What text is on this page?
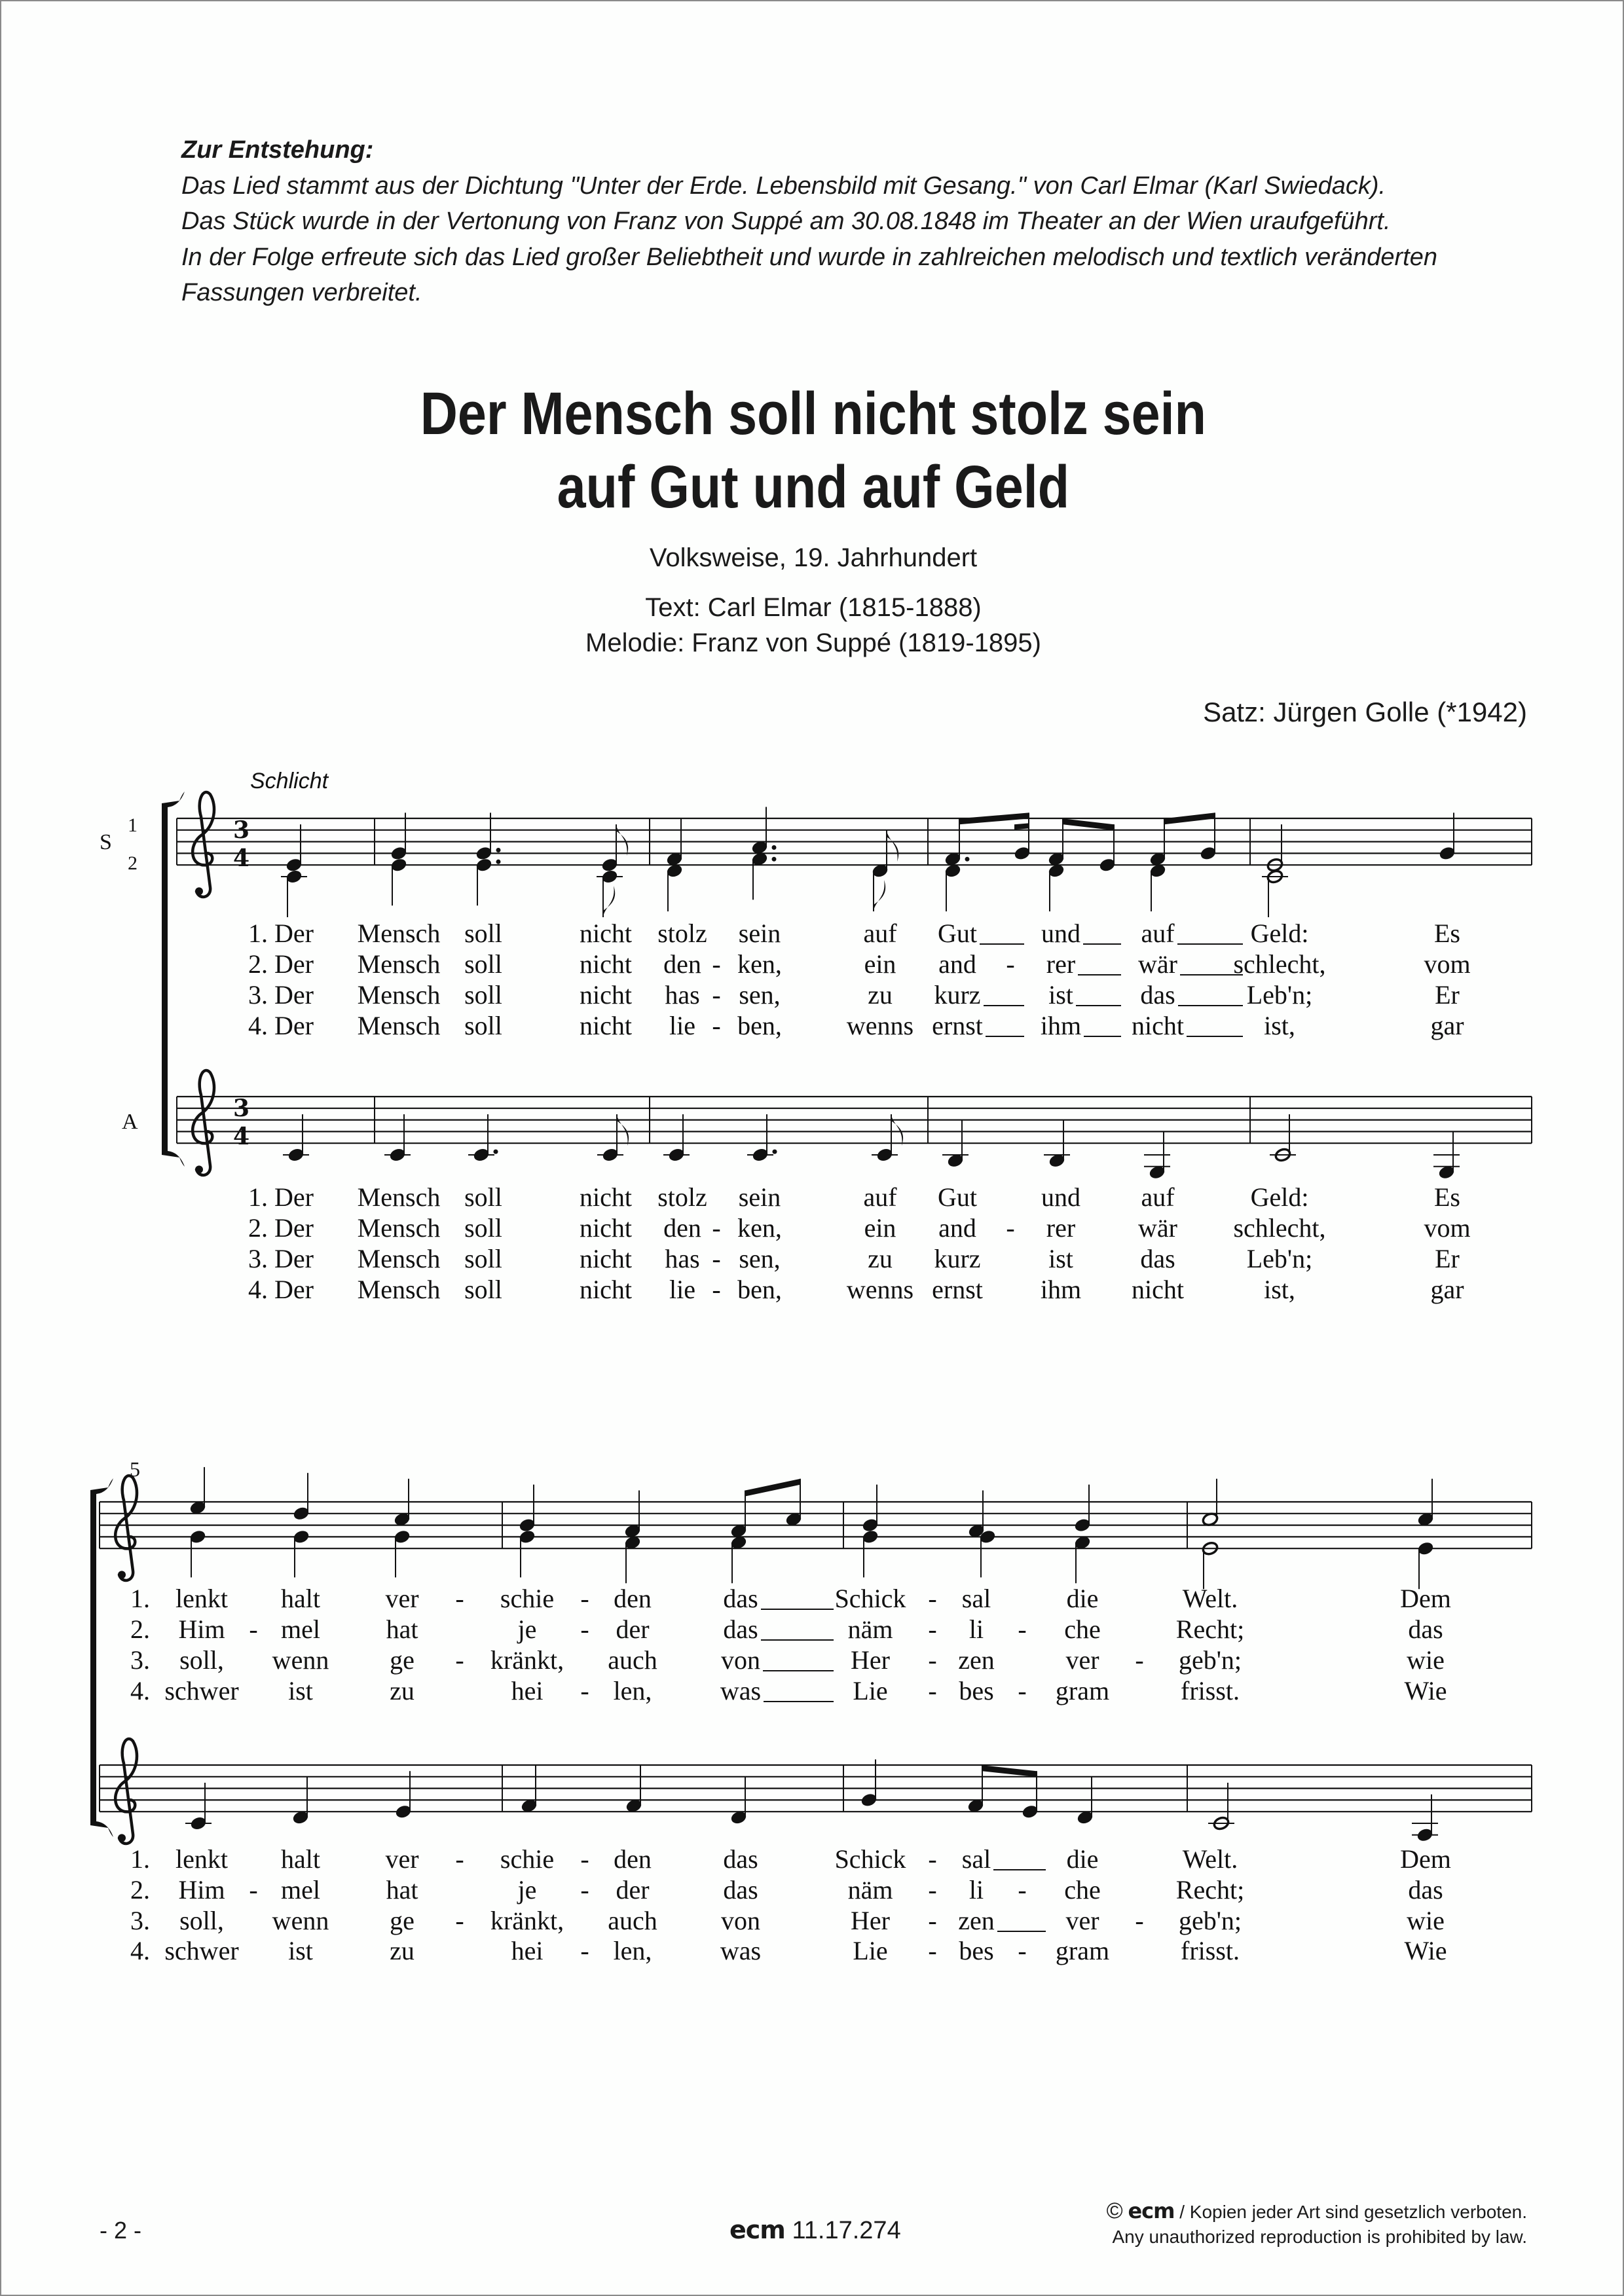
Zur Entstehung:
Das Lied stammt aus der Dichtung "Unter der Erde. Lebensbild mit Gesang." von Carl Elmar (Karl Swiedack).
Das Stück wurde in der Vertonung von Franz von Suppé am 30.08.1848 im Theater an der Wien uraufgeführt.
In der Folge erfreute sich das Lied großer Beliebtheit und wurde in zahlreichen melodisch und textlich veränderten
Fassungen verbreitet.
Der Mensch soll nicht stolz sein
auf Gut und auf Geld
Volksweise, 19. Jahrhundert
Text: Carl Elmar (1815-1888)
Melodie: Franz von Suppé (1819-1895)
Satz: Jürgen Golle (*1942)
Schlicht
S
1
2
A
5
3
4
3
4
1. Der Mensch soll	nicht stolz sein	auf Gut und auf	Geld:	Es
2. Der Mensch soll	nicht den - ken,	ein and - rer wär schlecht,	vom
3. Der Mensch soll	nicht has - sen,	zu kurz	ist	das	Leb'n;	Er
4. Der Mensch soll	nicht lie - ben, wenns ernst ihm nicht	ist,	gar
1. Der Mensch soll	nicht stolz sein	auf Gut und auf	Geld:	Es
2. Der Mensch soll	nicht den - ken,	ein and - rer wär schlecht,	vom
3. Der Mensch soll	nicht has - sen,	zu kurz	ist	das	Leb'n;	Er
4. Der Mensch soll	nicht lie - ben, wenns ernst ihm nicht	ist,	gar
1. lenkt halt ver - schie - den	das	Schick - sal	die	Welt.	Dem
2. Him - mel	hat	je - der	das	näm - li - che	Recht;	das
3. soll, wenn ge - kränkt, auch von	Her - zen	ver - geb'n;	wie
4. schwer ist	zu	hei - len,	was	Lie - bes - gram	frisst.	Wie
1. lenkt halt ver - schie - den	das	Schick - sal	die	Welt.	Dem
2. Him - mel	hat	je - der	das	näm - li - che	Recht;	das
3. soll, wenn ge - kränkt, auch von	Her - zen	ver - geb'n;	wie
4. schwer ist	zu	hei - len,	was	Lie - bes - gram	frisst.	Wie
- 2 -	ecm 11.17.274
© ecm / Kopien jeder Art sind gesetzlich verboten.
Any unauthorized reproduction is prohibited by law.
